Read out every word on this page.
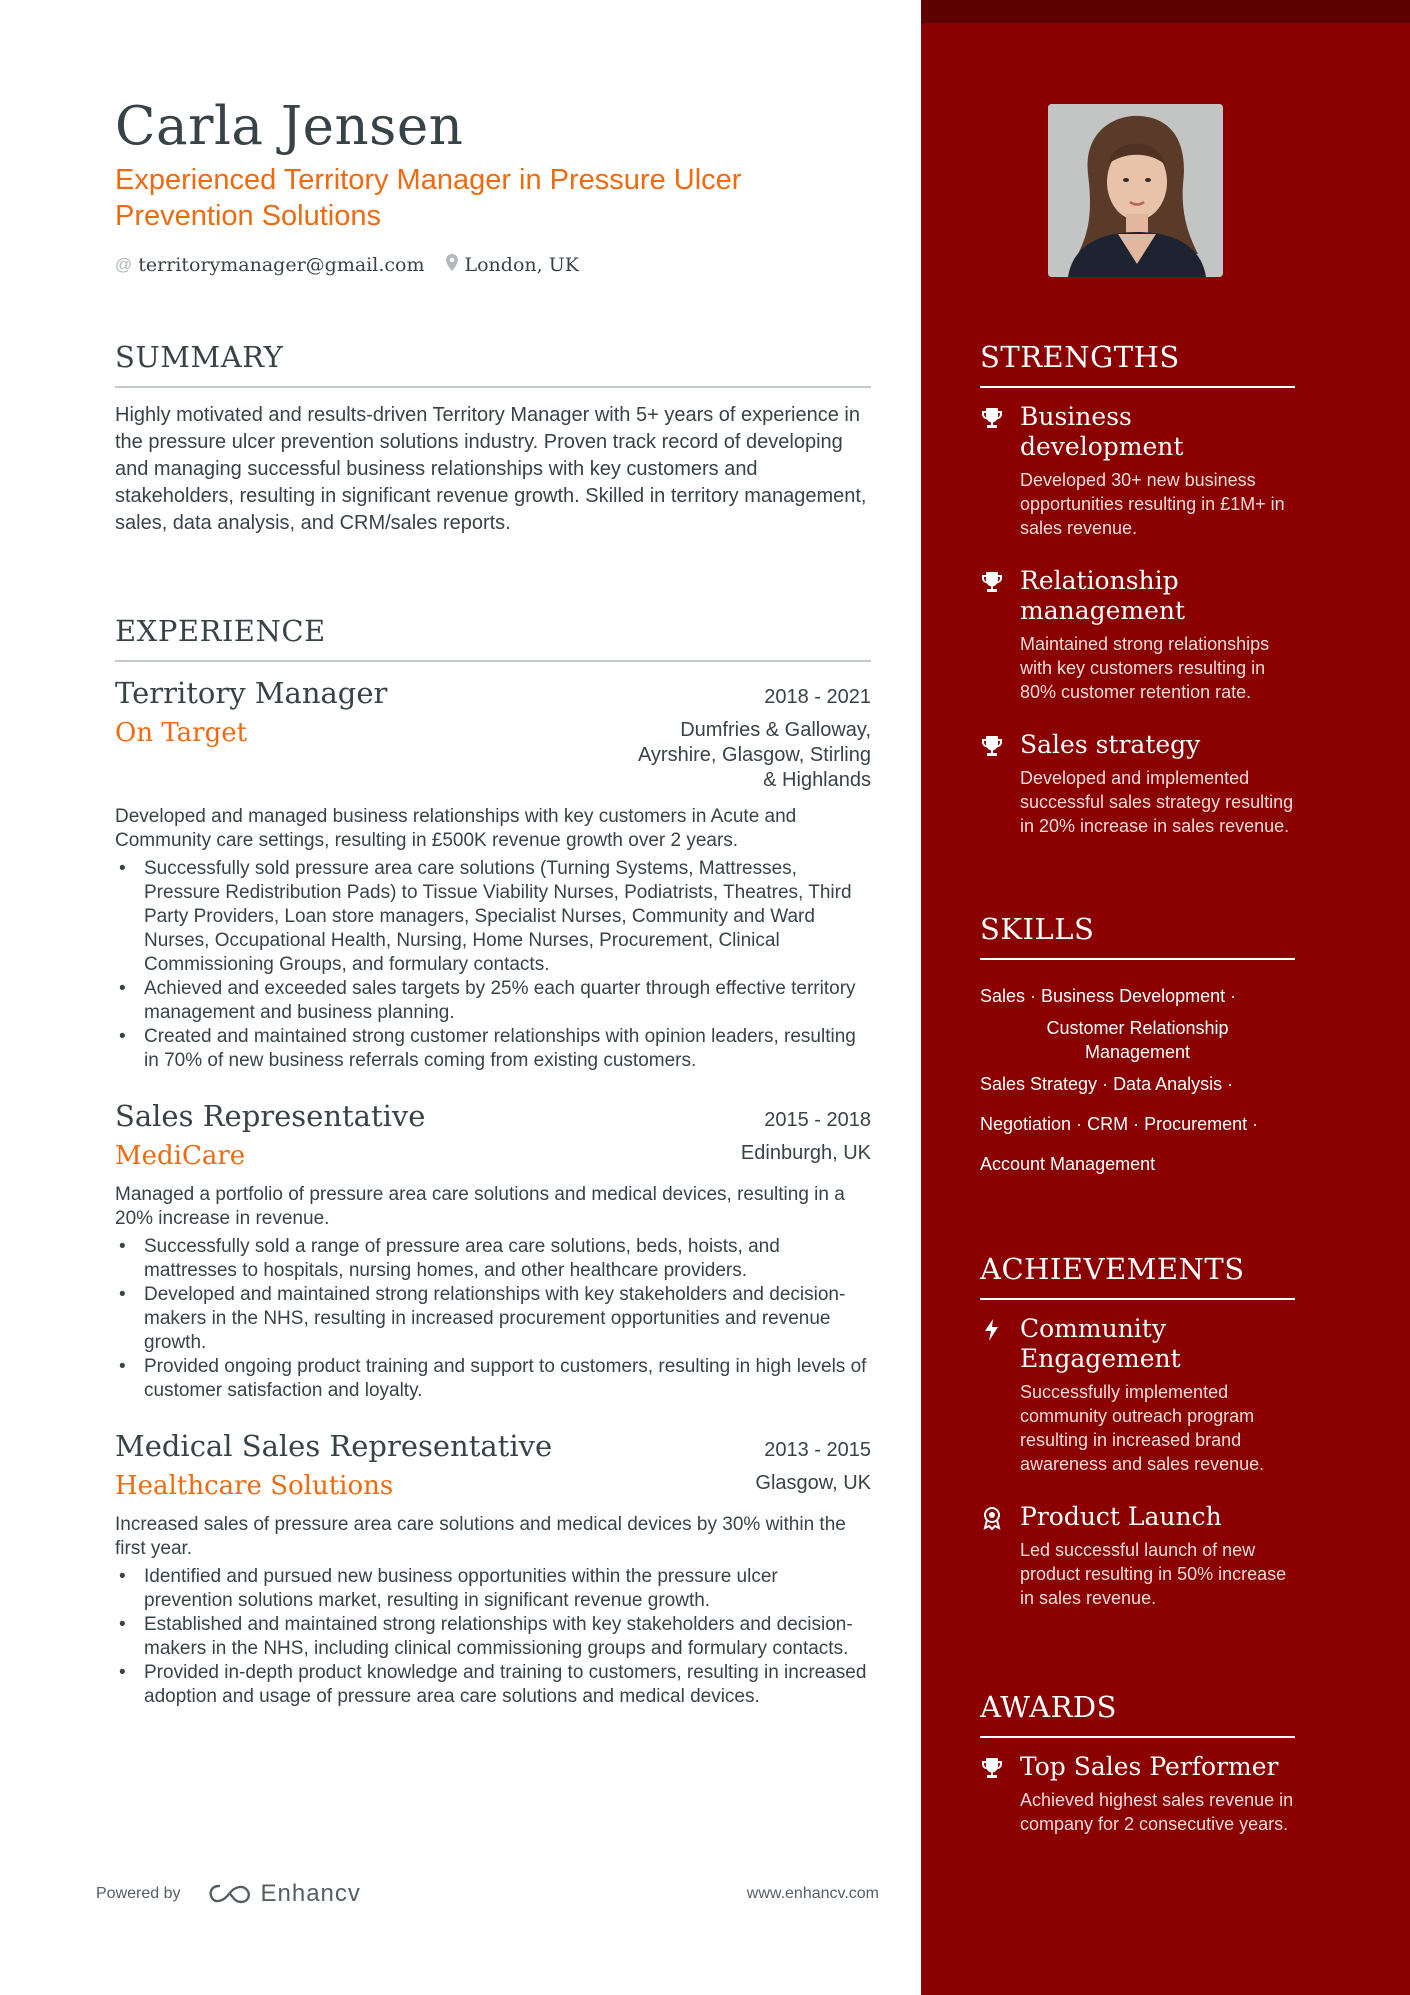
Carla Jensen
Experienced Territory Manager in Pressure Ulcer Prevention Solutions
@ territorymanager@gmail.com London, UK
SUMMARY

Highly motivated and results-driven Territory Manager with 5+ years of experience in the pressure ulcer prevention solutions industry. Proven track record of developing and managing successful business relationships with key customers and stakeholders, resulting in significant revenue growth. Skilled in territory management, sales, data analysis, and CRM/sales reports.

EXPERIENCE
Territory Manager	2018 - 2021
On Target	Dumfries & Galloway, Ayrshire, Glasgow, Stirling & Highlands

Developed and managed business relationships with key customers in Acute and Community care settings, resulting in £500K revenue growth over 2 years.

• Successfully sold pressure area care solutions (Turning Systems, Mattresses, Pressure Redistribution Pads) to Tissue Viability Nurses, Podiatrists, Theatres, Third Party Providers, Loan store managers, Specialist Nurses, Community and Ward Nurses, Occupational Health, Nursing, Home Nurses, Procurement, Clinical Commissioning Groups, and formulary contacts.
• Achieved and exceeded sales targets by 25% each quarter through effective territory management and business planning.
• Created and maintained strong customer relationships with opinion leaders, resulting in 70% of new business referrals coming from existing customers.
Sales Representative	2015 - 2018
MediCare	Edinburgh, UK

Managed a portfolio of pressure area care solutions and medical devices, resulting in a 20% increase in revenue.

• Successfully sold a range of pressure area care solutions, beds, hoists, and mattresses to hospitals, nursing homes, and other healthcare providers.
• Developed and maintained strong relationships with key stakeholders and decision-makers in the NHS, resulting in increased procurement opportunities and revenue growth.
• Provided ongoing product training and support to customers, resulting in high levels of customer satisfaction and loyalty.
Medical Sales Representative	2013 - 2015
Healthcare Solutions	Glasgow, UK

Increased sales of pressure area care solutions and medical devices by 30% within the first year.

• Identified and pursued new business opportunities within the pressure ulcer prevention solutions market, resulting in significant revenue growth.
• Established and maintained strong relationships with key stakeholders and decision-makers in the NHS, including clinical commissioning groups and formulary contacts.
• Provided in-depth product knowledge and training to customers, resulting in increased adoption and usage of pressure area care solutions and medical devices.
Powered by	Enhancv	www.enhancv.com
STRENGTHS
Business development
Developed 30+ new business opportunities resulting in £1M+ in sales revenue.
Relationship management
Maintained strong relationships with key customers resulting in 80% customer retention rate.
Sales strategy
Developed and implemented successful sales strategy resulting in 20% increase in sales revenue.
SKILLS
Sales · Business Development ·
Customer Relationship Management
Sales Strategy · Data Analysis ·
Negotiation · CRM · Procurement ·
Account Management
ACHIEVEMENTS
Community Engagement
Successfully implemented community outreach program resulting in increased brand awareness and sales revenue.
Product Launch
Led successful launch of new product resulting in 50% increase in sales revenue.
AWARDS
Top Sales Performer
Achieved highest sales revenue in company for 2 consecutive years.
